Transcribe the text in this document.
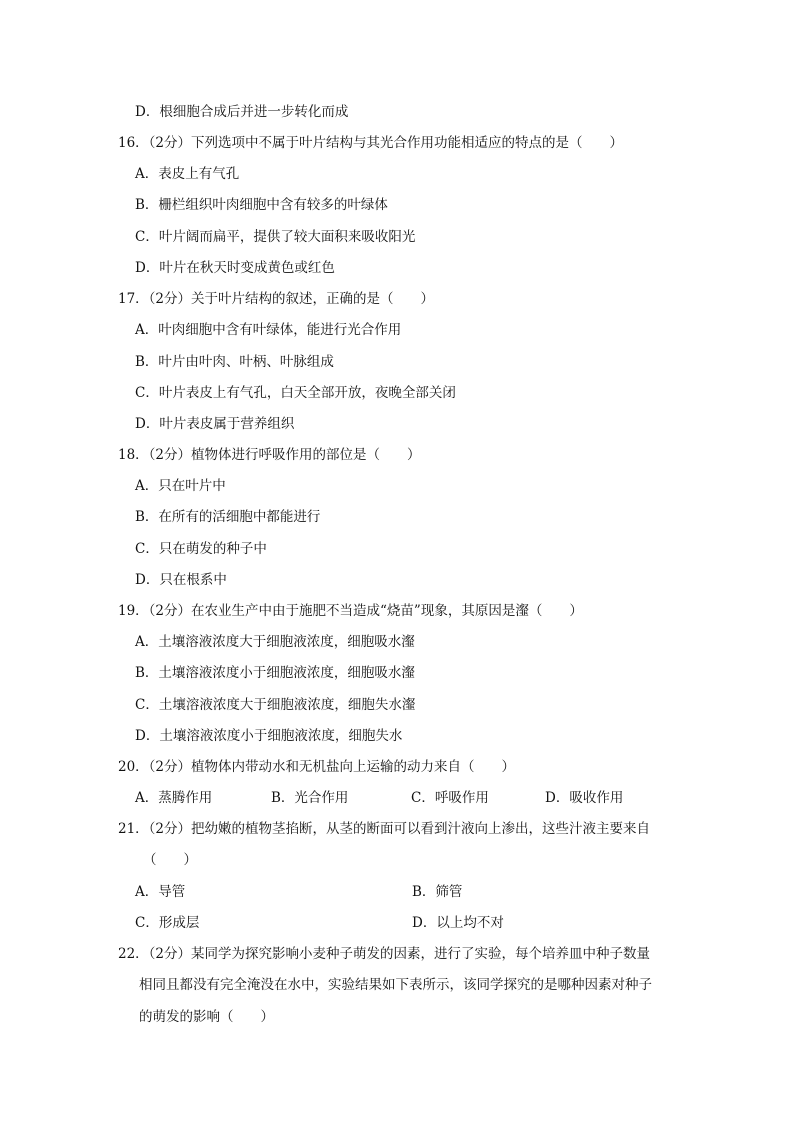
D．根细胞合成后并进一步转化而成
16．（2分）下列选项中不属于叶片结构与其光合作用功能相适应的特点的是（　　）
A．表皮上有气孔
B．栅栏组织叶肉细胞中含有较多的叶绿体
C．叶片阔而扁平，提供了较大面积来吸收阳光
D．叶片在秋天时变成黄色或红色
17．（2分）关于叶片结构的叙述，正确的是（　　）
A．叶肉细胞中含有叶绿体，能进行光合作用
B．叶片由叶肉、叶柄、叶脉组成
C．叶片表皮上有气孔，白天全部开放，夜晚全部关闭
D．叶片表皮属于营养组织
18．（2分）植物体进行呼吸作用的部位是（　　）
A．只在叶片中
B．在所有的活细胞中都能进行
C．只在萌发的种子中
D．只在根系中
19．（2分）在农业生产中由于施肥不当造成“烧苗”现象，其原因是瀣（　　）
A．土壤溶液浓度大于细胞液浓度，细胞吸水瀣
B．土壤溶液浓度小于细胞液浓度，细胞吸水瀣
C．土壤溶液浓度大于细胞液浓度，细胞失水瀣
D．土壤溶液浓度小于细胞液浓度，细胞失水
20．（2分）植物体内带动水和无机盐向上运输的动力来自（　　）
A．蒸腾作用	B．光合作用	C．呼吸作用	D．吸收作用
21．（2分）把幼嫩的植物茎掐断，从茎的断面可以看到汁液向上渗出，这些汁液主要来自
（　　）
A．导管	B．筛管
C．形成层	D．以上均不对
22．（2分）某同学为探究影响小麦种子萌发的因素，进行了实验，每个培养皿中种子数量
相同且都没有完全淹没在水中，实验结果如下表所示，该同学探究的是哪种因素对种子
的萌发的影响（　　）
